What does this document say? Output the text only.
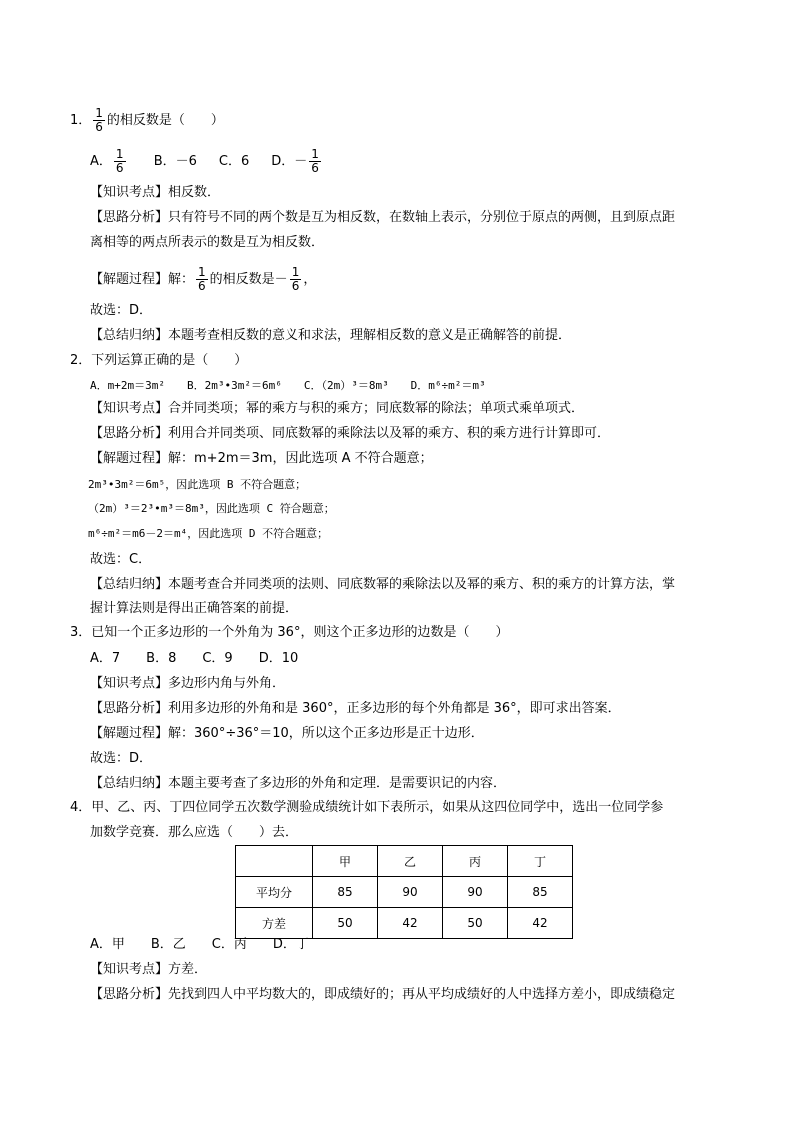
1． $\frac{1}{6}$ 的相反数是（　　）
A． $\frac{1}{6}$ B．－6 C．6 D．－ $\frac{1}{6}$
【知识考点】相反数．
【思路分析】只有符号不同的两个数是互为相反数，在数轴上表示，分别位于原点的两侧，且到原点距
离相等的两点所表示的数是互为相反数．
【解题过程】解： $\frac{1}{6}$ 的相反数是－ $\frac{1}{6}$ ，
故选：D．
【总结归纳】本题考查相反数的意义和求法，理解相反数的意义是正确解答的前提．
2．下列运算正确的是（　　）
A．m+2m＝3m²　　B．2m³•3m²＝6m⁶　　C．（2m）³＝8m³　　D．m⁶÷m²＝m³
【知识考点】合并同类项；幂的乘方与积的乘方；同底数幂的除法；单项式乘单项式．
【思路分析】利用合并同类项、同底数幂的乘除法以及幂的乘方、积的乘方进行计算即可．
【解题过程】解：m+2m＝3m，因此选项 A 不符合题意；
2m³•3m²＝6m⁵，因此选项 B 不符合题意；
（2m）³＝2³•m³＝8m³，因此选项 C 符合题意；
m⁶÷m²＝m6－2＝m⁴，因此选项 D 不符合题意；
故选：C．
【总结归纳】本题考查合并同类项的法则、同底数幂的乘除法以及幂的乘方、积的乘方的计算方法，掌
握计算法则是得出正确答案的前提．
3．已知一个正多边形的一个外角为 36°，则这个正多边形的边数是（　　）
A．7　　B．8　　C．9　　D．10
【知识考点】多边形内角与外角．
【思路分析】利用多边形的外角和是 360°，正多边形的每个外角都是 36°，即可求出答案．
【解题过程】解：360°÷36°＝10，所以这个正多边形是正十边形．
故选：D．
【总结归纳】本题主要考查了多边形的外角和定理．是需要识记的内容．
4．甲、乙、丙、丁四位同学五次数学测验成绩统计如下表所示，如果从这四位同学中，选出一位同学参
加数学竞赛．那么应选（　　）去．
	甲	乙	丙	丁
平均分	85	90	90	85
方差	50	42	50	42
A．甲　　B．乙　　C．丙　　D．丁
【知识考点】方差．
【思路分析】先找到四人中平均数大的，即成绩好的；再从平均成绩好的人中选择方差小，即成绩稳定
